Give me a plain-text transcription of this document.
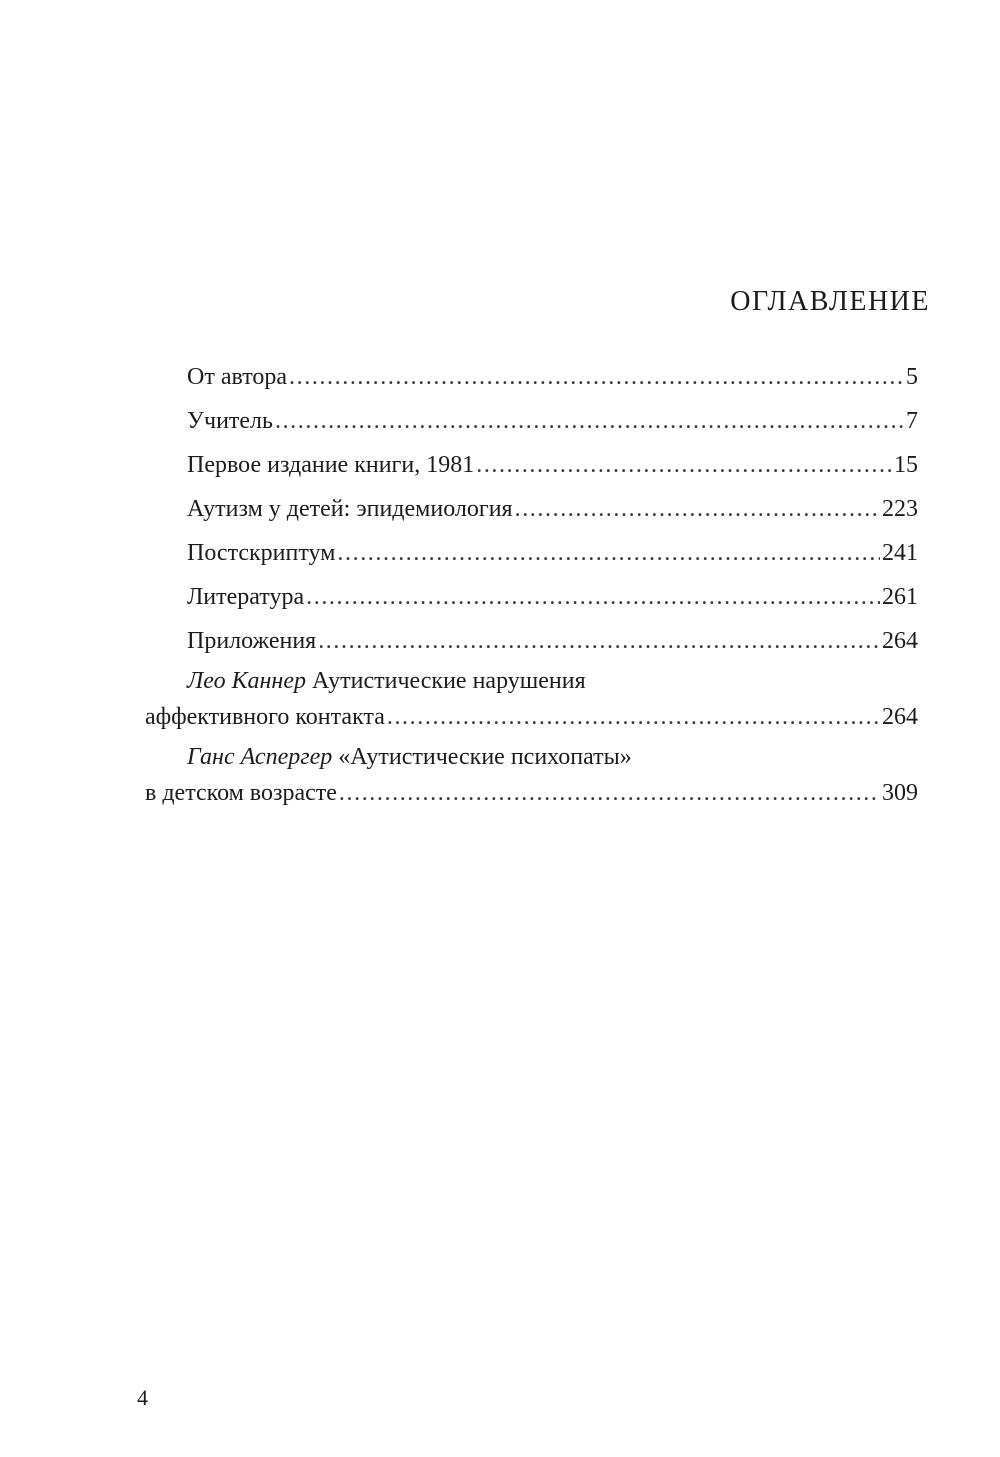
ОГЛАВЛЕНИЕ
От автора .....	5
Учитель .....	7
Первое издание книги, 1981 .....	15
Аутизм у детей: эпидемиология .....	223
Постскриптум .....	241
Литература .....	261
Приложения .....	264
Лео Каннер Аутистические нарушения
аффективного контакта .....	264
Ганс Аспергер «Аутистические психопаты»
в детском возрасте .....	309
4
